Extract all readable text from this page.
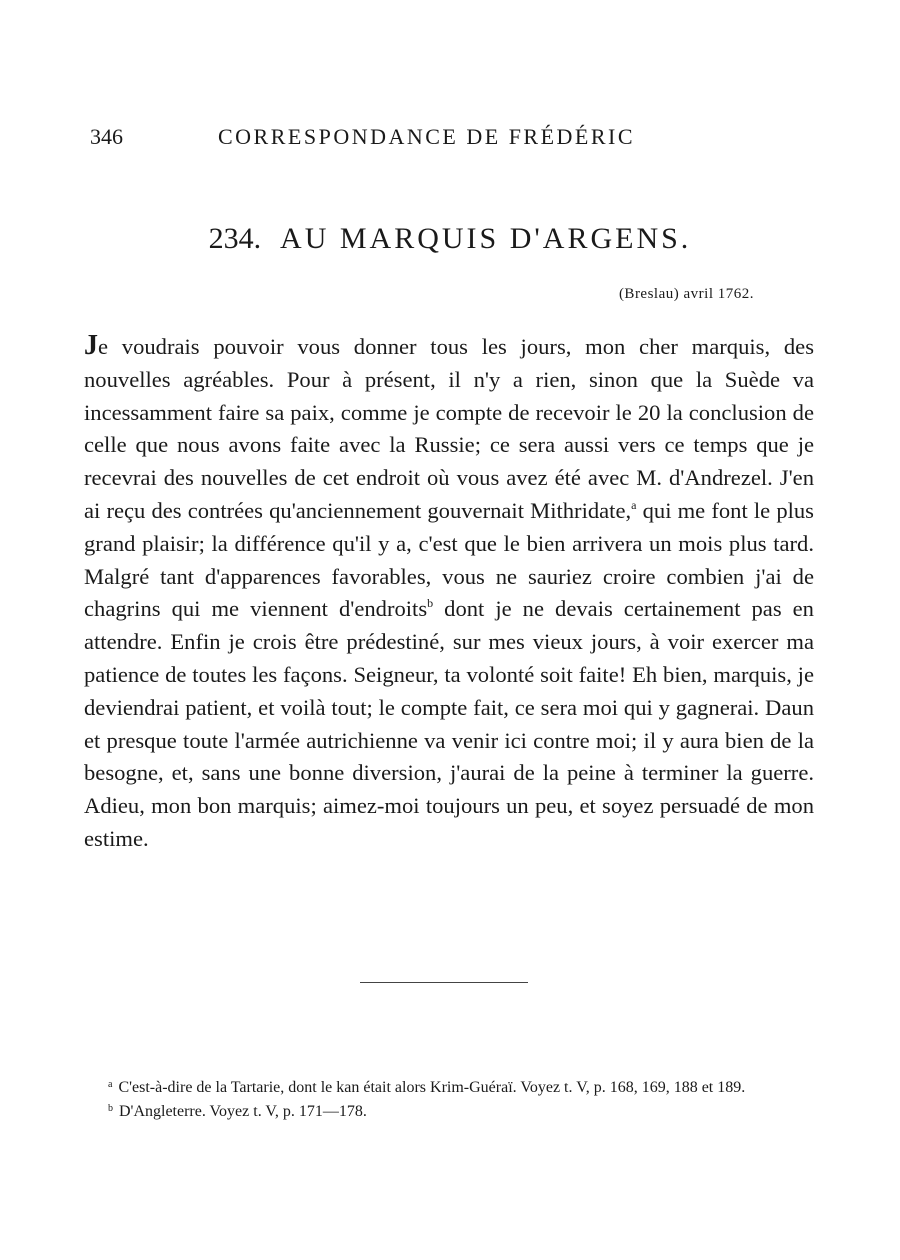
346	CORRESPONDANCE DE FRÉDÉRIC
234. AU MARQUIS D'ARGENS.
(Breslau) avril 1762.
Je voudrais pouvoir vous donner tous les jours, mon cher marquis, des nouvelles agréables. Pour à présent, il n'y a rien, sinon que la Suède va incessamment faire sa paix, comme je compte de recevoir le 20 la conclusion de celle que nous avons faite avec la Russie; ce sera aussi vers ce temps que je recevrai des nouvelles de cet endroit où vous avez été avec M. d'Andrezel. J'en ai reçu des contrées qu'anciennement gouvernait Mithridate,$^a$ qui me font le plus grand plaisir; la différence qu'il y a, c'est que le bien arrivera un mois plus tard. Malgré tant d'apparences favorables, vous ne sauriez croire combien j'ai de chagrins qui me viennent d'endroits$^b$ dont je ne devais certainement pas en attendre. Enfin je crois être prédestiné, sur mes vieux jours, à voir exercer ma patience de toutes les façons. Seigneur, ta volonté soit faite! Eh bien, marquis, je deviendrai patient, et voilà tout; le compte fait, ce sera moi qui y gagnerai. Daun et presque toute l'armée autrichienne va venir ici contre moi; il y aura bien de la besogne, et, sans une bonne diversion, j'aurai de la peine à terminer la guerre. Adieu, mon bon marquis; aimez-moi toujours un peu, et soyez persuadé de mon estime.

$^a$ C'est-à-dire de la Tartarie, dont le kan était alors Krim-Guéraï. Voyez t. V, p. 168, 169, 188 et 189.

$^b$ D'Angleterre. Voyez t. V, p. 171—178.
